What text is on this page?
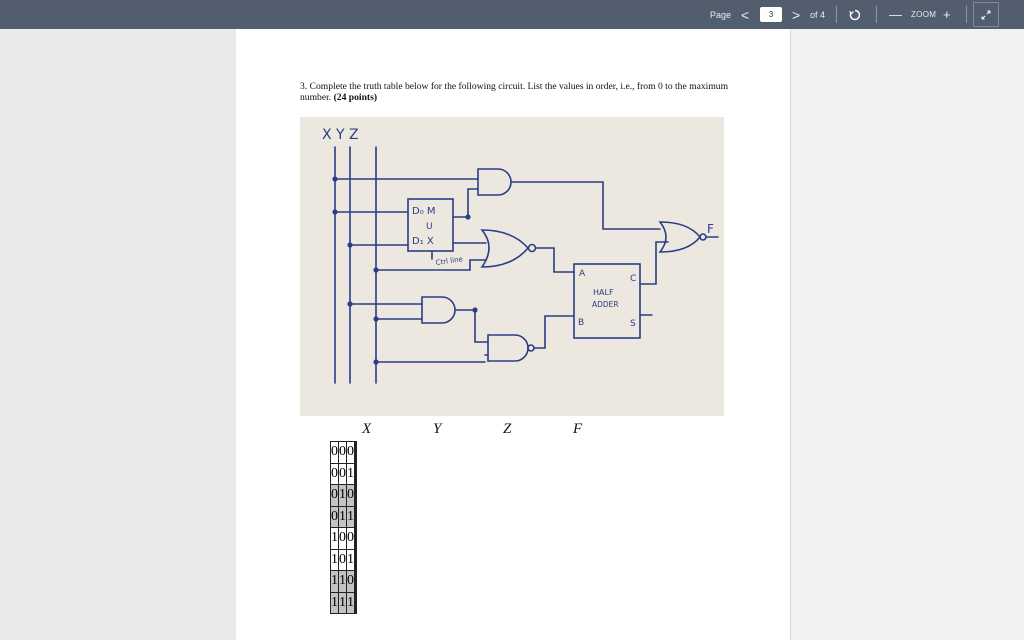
Page <	3	> of 4	— ZOOM +
3. Complete the truth table below for the following circuit. List the values in order, i.e., from 0 to the maximum number. (24 points)
X Y Z
D₀ M
U
D₁ X
Ctrl line
A	C
HALF
ADDER
B	S
F
X	Y	Z	F
0	0	0		
0	0	1		
0	1	0		
0	1	1		
1	0	0		
1	0	1		
1	1	0		
1	1	1		
